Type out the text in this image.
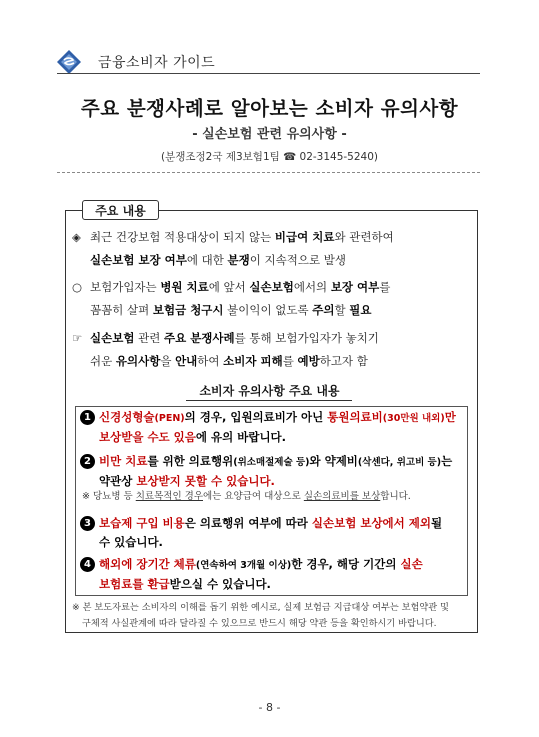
금융소비자 가이드
주요 분쟁사례로 알아보는 소비자 유의사항
- 실손보험 관련 유의사항 -
(분쟁조정2국 제3보험1팀 ☎ 02-3145-5240)
주요 내용
◈ 최근 건강보험 적용대상이 되지 않는 비급여 치료와 관련하여
실손보험 보장 여부에 대한 분쟁이 지속적으로 발생
○ 보험가입자는 병원 치료에 앞서 실손보험에서의 보장 여부를
꼼꼼히 살펴 보험금 청구시 불이익이 없도록 주의할 필요
☞ 실손보험 관련 주요 분쟁사례를 통해 보험가입자가 놓치기
쉬운 유의사항을 안내하여 소비자 피해를 예방하고자 함
소비자 유의사항 주요 내용
1 신경성형술(PEN)의 경우, 입원의료비가 아닌 통원의료비(30만원 내외)만
보상받을 수도 있음에 유의 바랍니다.
2 비만 치료를 위한 의료행위(위소매절제술 등)와 약제비(삭센다, 위고비 등)는
약관상 보상받지 못할 수 있습니다.
※ 당뇨병 등 치료목적인 경우에는 요양급여 대상으로 실손의료비를 보상합니다.
3 보습제 구입 비용은 의료행위 여부에 따라 실손보험 보상에서 제외될
수 있습니다.
4 해외에 장기간 체류(연속하여 3개월 이상)한 경우, 해당 기간의 실손
보험료를 환급받으실 수 있습니다.
※ 본 보도자료는 소비자의 이해를 돕기 위한 예시로, 실제 보험금 지급대상 여부는 보험약관 및
구체적 사실관계에 따라 달라질 수 있으므로 반드시 해당 약관 등을 확인하시기 바랍니다.
- 8 -
